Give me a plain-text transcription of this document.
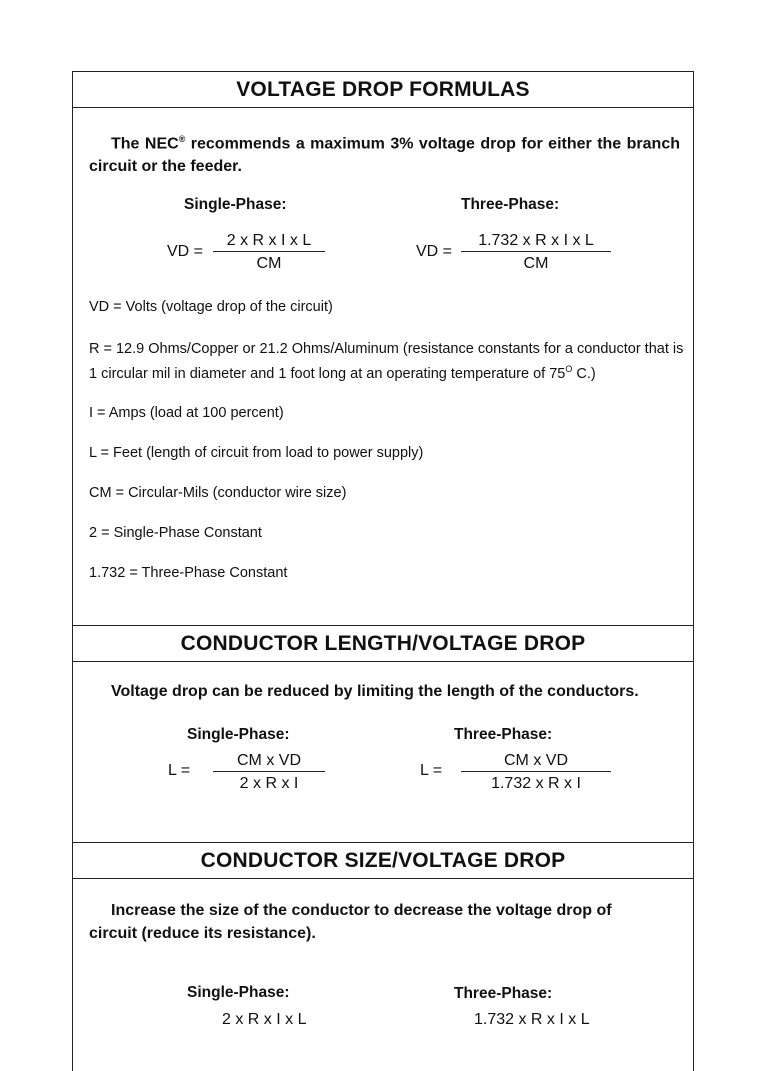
VOLTAGE DROP FORMULAS
The NEC® recommends a maximum 3% voltage drop for either the branch circuit or the feeder.
Single-Phase:	Three-Phase:
VD = $\frac{\text{2 x R x I x L}}{CM}$	VD = $\frac{\text{1.732 x R x I x L}}{CM}$
VD = Volts (voltage drop of the circuit)
R = 12.9 Ohms/Copper or 21.2 Ohms/Aluminum (resistance constants for a conductor that is 1 circular mil in diameter and 1 foot long at an operating temperature of $75^O$ C.)
I = Amps (load at 100 percent)
L = Feet (length of circuit from load to power supply)
CM = Circular-Mils (conductor wire size)
2 = Single-Phase Constant
1.732 = Three-Phase Constant
CONDUCTOR LENGTH/VOLTAGE DROP
Voltage drop can be reduced by limiting the length of the conductors.
Single-Phase:	Three-Phase:
$L = \frac{\text{CM x VD}}{\text{2 x R x I}}$	$L = \frac{\text{CM x VD}}{\text{1.732 x R x I}}$
CONDUCTOR SIZE/VOLTAGE DROP
Increase the size of the conductor to decrease the voltage drop of
circuit (reduce its resistance).
Single-Phase:	Three-Phase:
2 x R x I x L	1.732 x R x I x L
